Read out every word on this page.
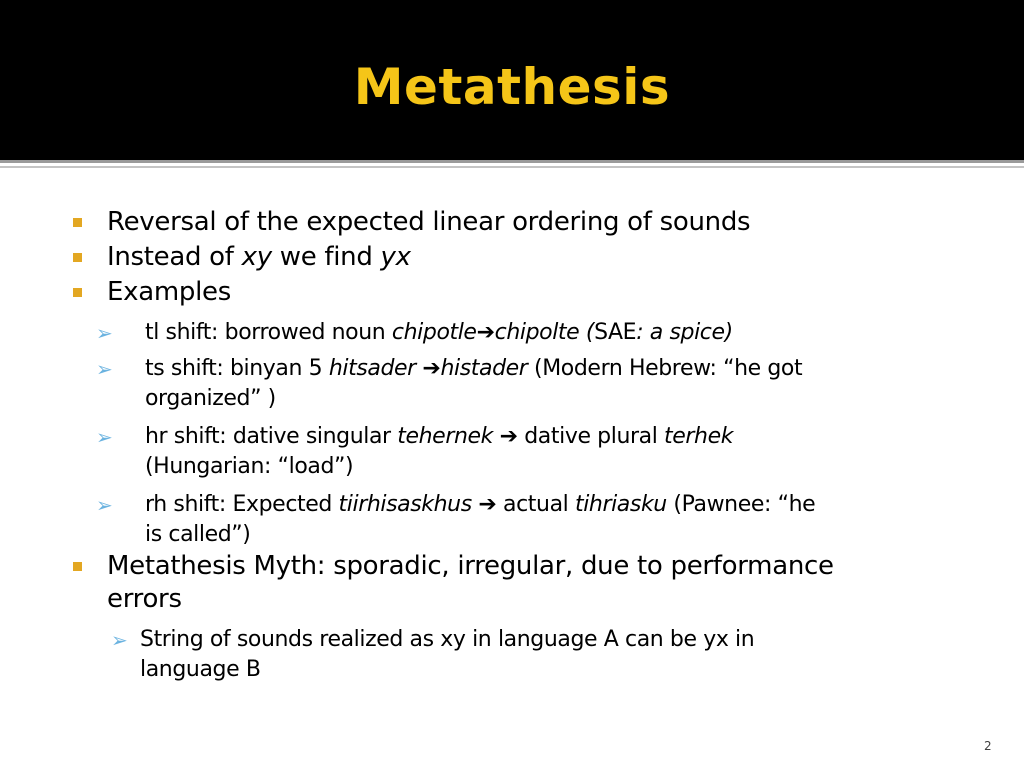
Metathesis
Reversal of the expected linear ordering of sounds
Instead of xy we find yx
Examples
➢ tl shift: borrowed noun chipotle➔chipolte (SAE: a spice)
➢ ts shift: binyan 5 hitsader ➔histader (Modern Hebrew: “he got
organized” )
➢ hr shift: dative singular tehernek ➔ dative plural terhek
(Hungarian: “load”)
➢ rh shift: Expected tiirhisaskhus ➔ actual tihriasku (Pawnee: “he
is called”)
Metathesis Myth: sporadic, irregular, due to performance
errors
➢ String of sounds realized as xy in language A can be yx in
language B
2
